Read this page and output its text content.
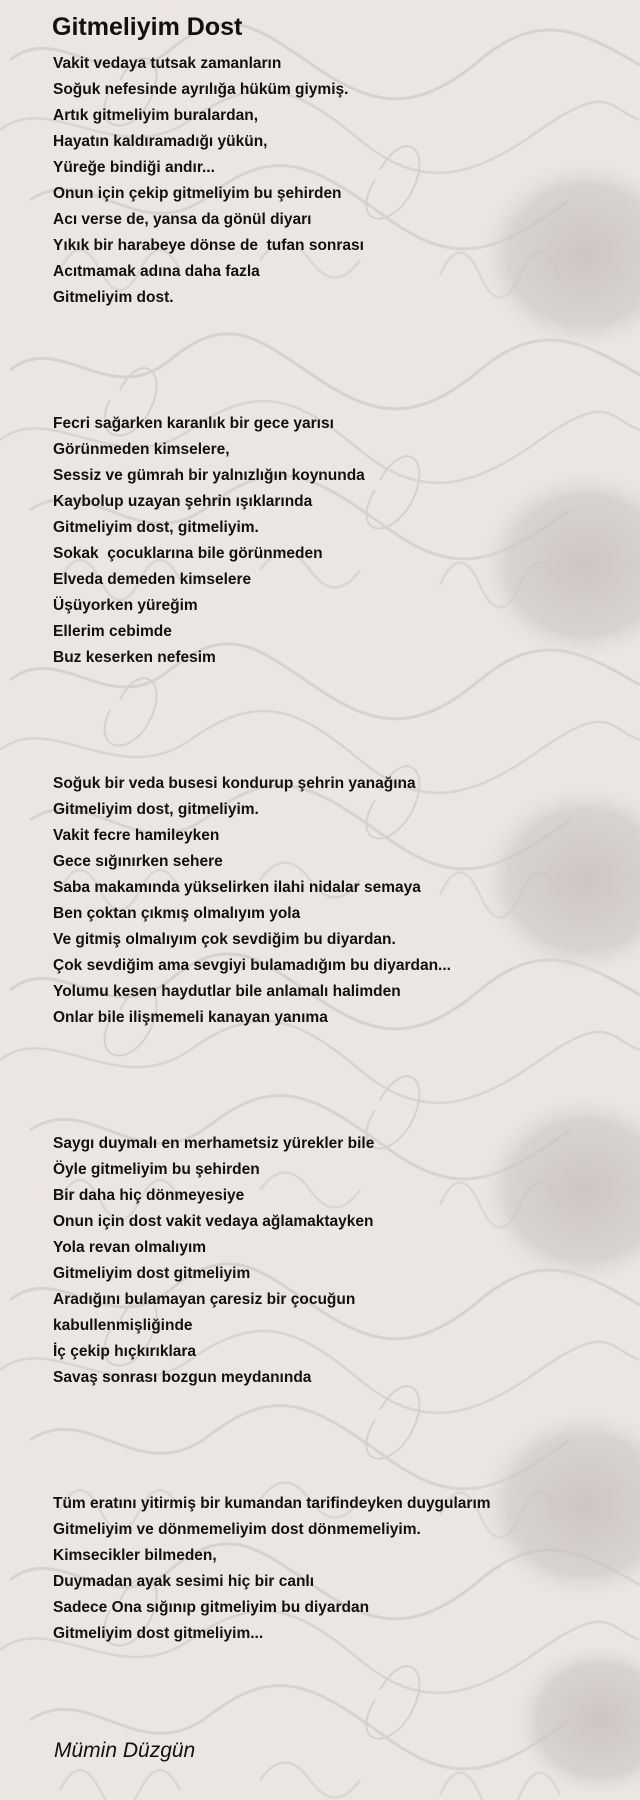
Gitmeliyim Dost
Vakit vedaya tutsak zamanların
Soğuk nefesinde ayrılığa hüküm giymiş.
Artık gitmeliyim buralardan,
Hayatın kaldıramadığı yükün,
Yüreğe bindiği andır...
Onun için çekip gitmeliyim bu şehirden
Acı verse de, yansa da gönül diyarı
Yıkık bir harabeye dönse de  tufan sonrası
Acıtmamak adına daha fazla
Gitmeliyim dost.
Fecri sağarken karanlık bir gece yarısı
Görünmeden kimselere,
Sessiz ve gümrah bir yalnızlığın koynunda
Kaybolup uzayan şehrin ışıklarında
Gitmeliyim dost, gitmeliyim.
Sokak  çocuklarına bile görünmeden
Elveda demeden kimselere
Üşüyorken yüreğim
Ellerim cebimde
Buz keserken nefesim
Soğuk bir veda busesi kondurup şehrin yanağına
Gitmeliyim dost, gitmeliyim.
Vakit fecre hamileyken
Gece sığınırken sehere
Saba makamında yükselirken ilahi nidalar semaya
Ben çoktan çıkmış olmalıyım yola
Ve gitmiş olmalıyım çok sevdiğim bu diyardan.
Çok sevdiğim ama sevgiyi bulamadığım bu diyardan...
Yolumu kesen haydutlar bile anlamalı halimden
Onlar bile ilişmemeli kanayan yanıma
Saygı duymalı en merhametsiz yürekler bile
Öyle gitmeliyim bu şehirden
Bir daha hiç dönmeyesiye
Onun için dost vakit vedaya ağlamaktayken
Yola revan olmalıyım
Gitmeliyim dost gitmeliyim
Aradığını bulamayan çaresiz bir çocuğun
kabullenmişliğinde
İç çekip hıçkırıklara
Savaş sonrası bozgun meydanında
Tüm eratını yitirmiş bir kumandan tarifindeyken duygularım
Gitmeliyim ve dönmemeliyim dost dönmemeliyim.
Kimsecikler bilmeden,
Duymadan ayak sesimi hiç bir canlı
Sadece Ona sığınıp gitmeliyim bu diyardan
Gitmeliyim dost gitmeliyim...
Mümin Düzgün
